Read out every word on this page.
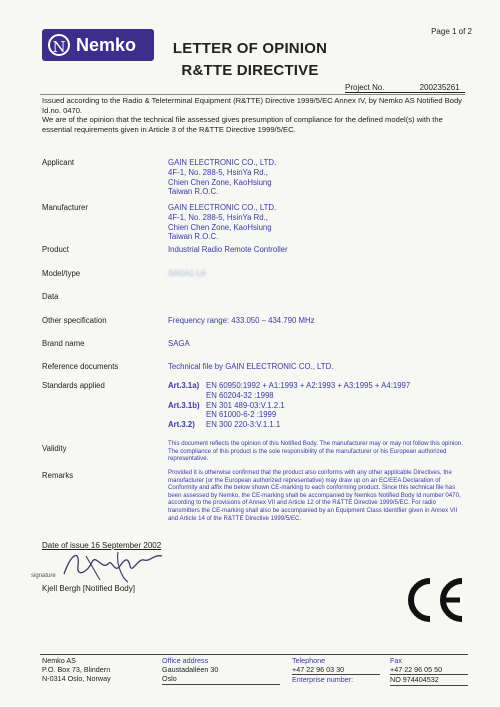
N Nemko
Page 1 of 2
LETTER OF OPINION
R&TTE DIRECTIVE
Project No.	200235261
Issued according to the Radio & Teleterminal Equipment (R&TTE) Directive 1999/5/EC Annex IV, by Nemko AS Notified Body Id.no. 0470.
We are of the opinion that the technical file assessed gives presumption of compliance for the defined model(s) with the essential requirements given in Article 3 of the R&TTE Directive 1999/5/EC.
Applicant	GAIN ELECTRONIC CO., LTD.
4F-1, No. 288-5, HsinYa Rd.,
Chien Chen Zone, KaoHsiung
Taiwan R.O.C.
Manufacturer	GAIN ELECTRONIC CO., LTD.
4F-1, No. 288-5, HsinYa Rd.,
Chien Chen Zone, KaoHsiung
Taiwan R.O.C.
Product	Industrial Radio Remote Controller
Model/type	SAGA1-L8
Data
Other specification	Frequency range: 433.050 – 434.790 MHz
Brand name	SAGA
Reference documents	Technical file by GAIN ELECTRONIC CO., LTD.
Standards applied	Art.3.1a) EN 60950:1992 + A1:1993 + A2:1993 + A3:1995 + A4:1997
EN 60204-32 :1998
Art.3.1b) EN 301 489-03:V.1.2.1
EN 61000-6-2 :1999
Art.3.2)	EN 300 220-3:V.1.1.1
Validity
This document reflects the opinion of this Notified Body. The manufacturer may or may not follow this opinion. The compliance of this product is the sole responsibility of the manufacturer or his European authorized representative.
Remarks	Provided it is otherwise confirmed that the product also conforms with any other applicable Directives, the manufacturer (or the European authorized representative) may draw up on an EC/EEA Declaration of Conformity and affix the below shown CE-marking to each conforming product. Since this technical file has been assessed by Nemko, the CE-marking shall be accompanied by Nemkos Notified Body Id number 0470, according to the provisions of Annex VII and Article 12 of the R&TTE Directive 1999/5/EC. For radio transmitters the CE-marking shall also be accompanied by an Equipment Class Identifier given in Annex VII and Article 14 of the R&TTE Directive 1999/5/EC.
Date of issue 16 September 2002
signature
Kjell Bergh [Notified Body]
Nemko AS
P.O. Box 73, Blindern
N-0314 Oslo, Norway
Office address
Gaustadalléen 30
Oslo
Telephone
+47 22 96 03 30
Enterprise number:
Fax
+47 22 96 05 50
NO 974404532
